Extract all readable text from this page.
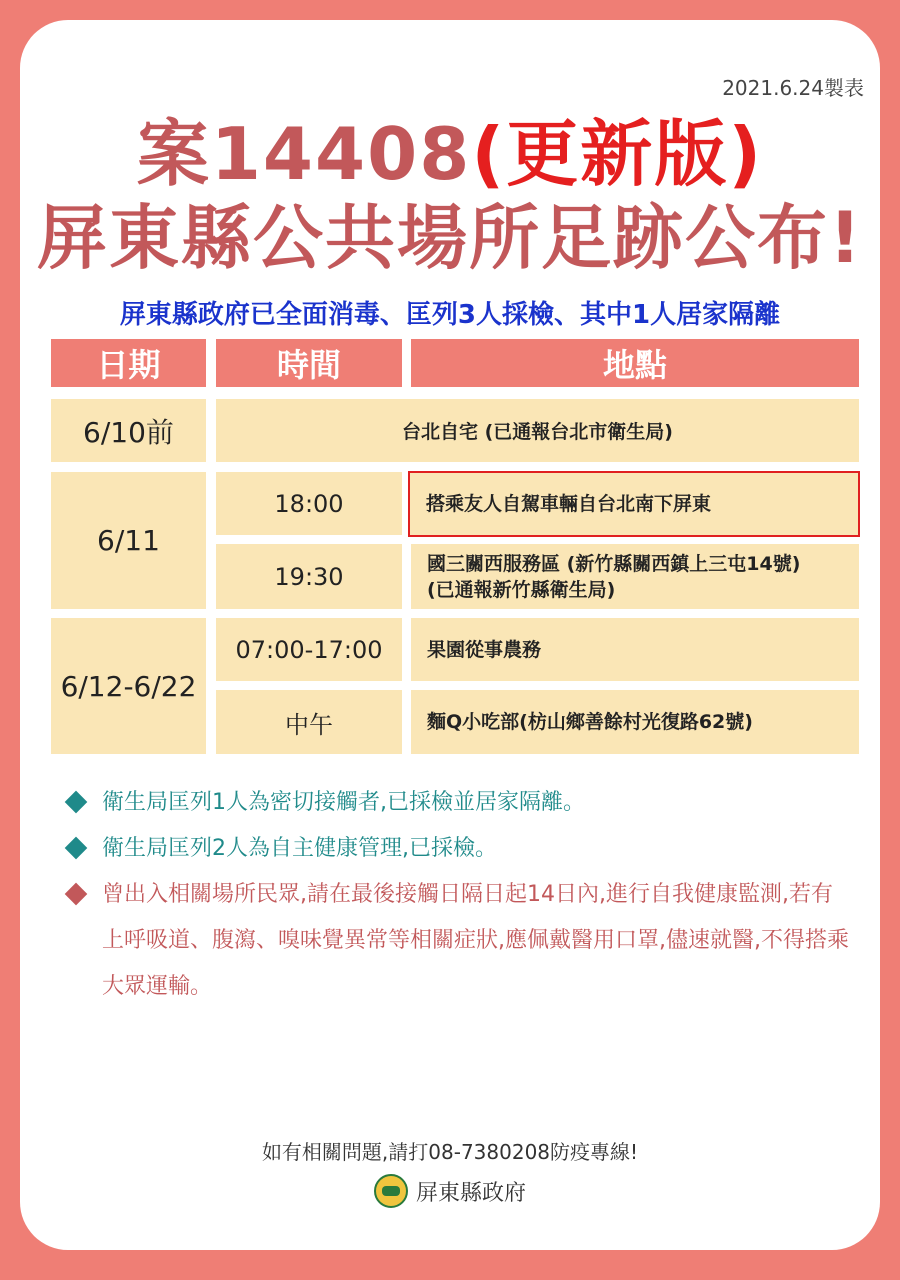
2021.6.24製表
案14408(更新版)
屏東縣公共場所足跡公布!
屏東縣政府已全面消毒、匡列3人採檢、其中1人居家隔離
日期	時間	地點
6/10前	台北自宅 (已通報台北市衛生局)
6/11
18:00	搭乘友人自駕車輛自台北南下屏東
19:30	國三關西服務區 (新竹縣關西鎮上三屯14號)
(已通報新竹縣衛生局)
6/12-6/22
07:00-17:00	果園從事農務
中午	麵Q小吃部(枋山鄉善餘村光復路62號)
衛生局匡列1人為密切接觸者,已採檢並居家隔離。
衛生局匡列2人為自主健康管理,已採檢。
曾出入相關場所民眾,請在最後接觸日隔日起14日內,進行自我健康監測,若有上呼吸道、腹瀉、嗅味覺異常等相關症狀,應佩戴醫用口罩,儘速就醫,不得搭乘大眾運輸。
如有相關問題,請打08-7380208防疫專線!
屏東縣政府
